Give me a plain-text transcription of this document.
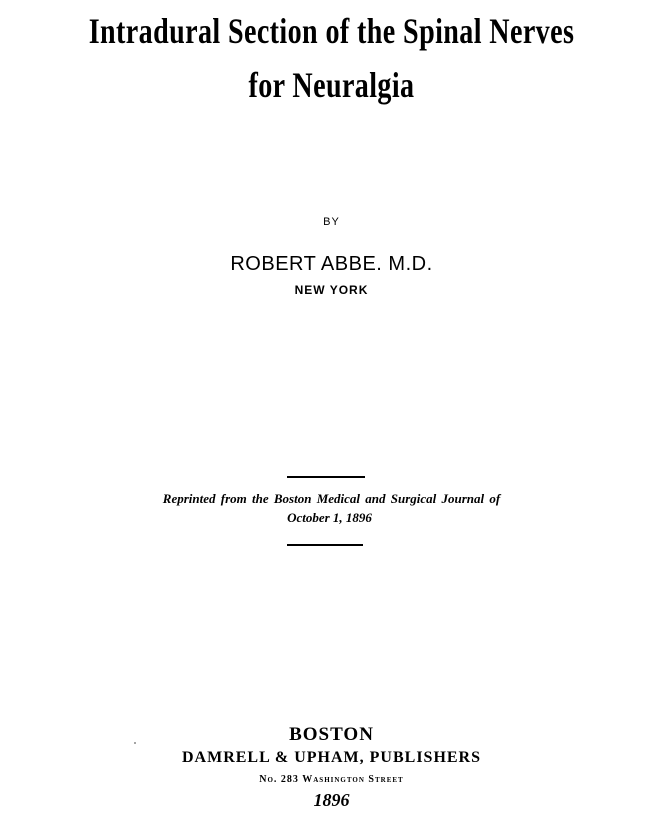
Intradural Section of the Spinal Nerves

for Neuralgia

BY

ROBERT ABBE. M.D.

NEW YORK

Reprinted from the Boston Medical and Surgical Journal of

October 1, 1896

BOSTON

DAMRELL & UPHAM, PUBLISHERS

No. 283 Washington Street

1896
